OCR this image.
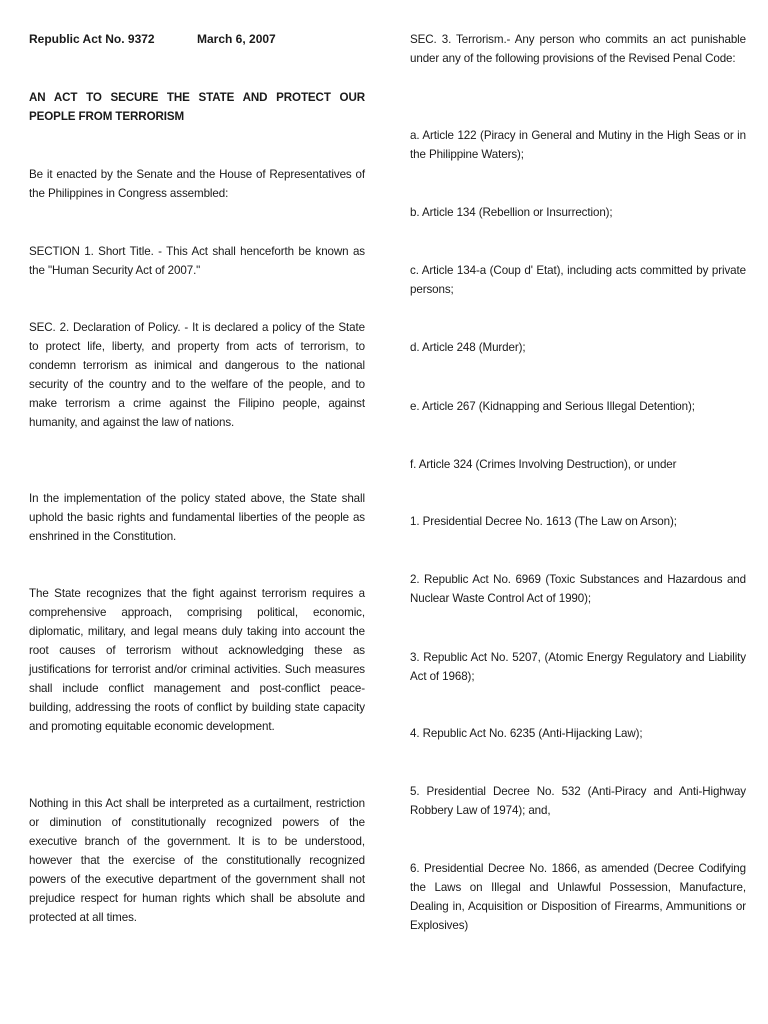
Republic Act No. 9372	March 6, 2007

AN ACT TO SECURE THE STATE AND PROTECT OUR PEOPLE FROM TERRORISM

Be it enacted by the Senate and the House of Representatives of the Philippines in Congress assembled:

SECTION 1. Short Title. - This Act shall henceforth be known as the "Human Security Act of 2007."

SEC. 2. Declaration of Policy. - It is declared a policy of the State to protect life, liberty, and property from acts of terrorism, to condemn terrorism as inimical and dangerous to the national security of the country and to the welfare of the people, and to make terrorism a crime against the Filipino people, against humanity, and against the law of nations.

In the implementation of the policy stated above, the State shall uphold the basic rights and fundamental liberties of the people as enshrined in the Constitution.

The State recognizes that the fight against terrorism requires a comprehensive approach, comprising political, economic, diplomatic, military, and legal means duly taking into account the root causes of terrorism without acknowledging these as justifications for terrorist and/or criminal activities. Such measures shall include conflict management and post-conflict peace-building, addressing the roots of conflict by building state capacity and promoting equitable economic development.

Nothing in this Act shall be interpreted as a curtailment, restriction or diminution of constitutionally recognized powers of the executive branch of the government. It is to be understood, however that the exercise of the constitutionally recognized powers of the executive department of the government shall not prejudice respect for human rights which shall be absolute and protected at all times.

SEC. 3. Terrorism.- Any person who commits an act punishable under any of the following provisions of the Revised Penal Code:

a. Article 122 (Piracy in General and Mutiny in the High Seas or in the Philippine Waters);

b. Article 134 (Rebellion or Insurrection);

c. Article 134-a (Coup d' Etat), including acts committed by private persons;

d. Article 248 (Murder);

e. Article 267 (Kidnapping and Serious Illegal Detention);

f. Article 324 (Crimes Involving Destruction), or under

1. Presidential Decree No. 1613 (The Law on Arson);

2. Republic Act No. 6969 (Toxic Substances and Hazardous and Nuclear Waste Control Act of 1990);

3. Republic Act No. 5207, (Atomic Energy Regulatory and Liability Act of 1968);

4. Republic Act No. 6235 (Anti-Hijacking Law);

5. Presidential Decree No. 532 (Anti-Piracy and Anti-Highway Robbery Law of 1974); and,

6. Presidential Decree No. 1866, as amended (Decree Codifying the Laws on Illegal and Unlawful Possession, Manufacture, Dealing in, Acquisition or Disposition of Firearms, Ammunitions or Explosives)
